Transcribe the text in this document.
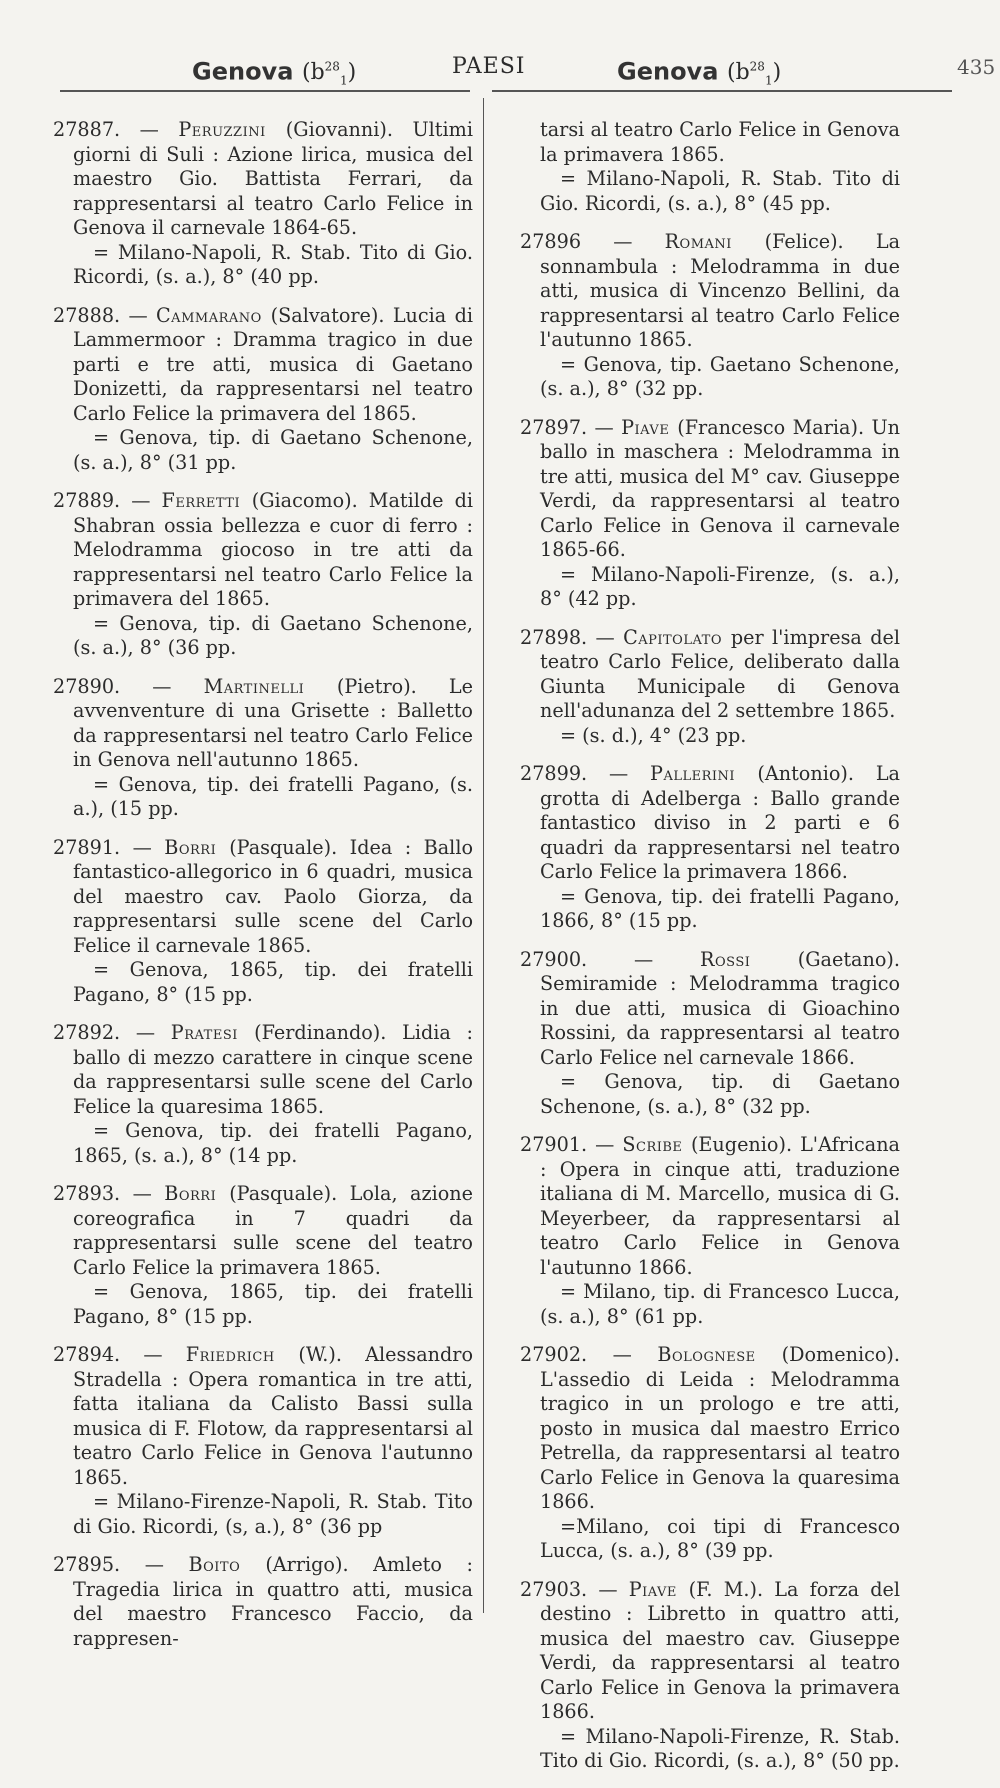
Genova $(b^{28}_1)$	PAESI	Genova $(b^{28}_1)$	435

27887. — Peruzzini (Giovanni). Ultimi giorni di Suli : Azione lirica, musica del maestro Gio. Battista Ferrari, da rappresentarsi al teatro Carlo Felice in Genova il carnevale 1864-65.

= Milano-Napoli, R. Stab. Tito di Gio. Ricordi, (s. a.), 8° (40 pp.

27888. — Cammarano (Salvatore). Lucia di Lammermoor : Dramma tragico in due parti e tre atti, musica di Gaetano Donizetti, da rappresentarsi nel teatro Carlo Felice la primavera del 1865.

= Genova, tip. di Gaetano Schenone, (s. a.), 8° (31 pp.

27889. — Ferretti (Giacomo). Matilde di Shabran ossia bellezza e cuor di ferro : Melodramma giocoso in tre atti da rappresentarsi nel teatro Carlo Felice la primavera del 1865.

= Genova, tip. di Gaetano Schenone, (s. a.), 8° (36 pp.

27890. — Martinelli (Pietro). Le avvenventure di una Grisette : Balletto da rappresentarsi nel teatro Carlo Felice in Genova nell'autunno 1865.

= Genova, tip. dei fratelli Pagano, (s. a.), (15 pp.

27891. — Borri (Pasquale). Idea : Ballo fantastico-allegorico in 6 quadri, musica del maestro cav. Paolo Giorza, da rappresentarsi sulle scene del Carlo Felice il carnevale 1865.

= Genova, 1865, tip. dei fratelli Pagano, 8° (15 pp.

27892. — Pratesi (Ferdinando). Lidia : ballo di mezzo carattere in cinque scene da rappresentarsi sulle scene del Carlo Felice la quaresima 1865.

= Genova, tip. dei fratelli Pagano, 1865, (s. a.), 8° (14 pp.

27893. — Borri (Pasquale). Lola, azione coreografica in 7 quadri da rappresentarsi sulle scene del teatro Carlo Felice la primavera 1865.

= Genova, 1865, tip. dei fratelli Pagano, 8° (15 pp.

27894. — Friedrich (W.). Alessandro Stradella : Opera romantica in tre atti, fatta italiana da Calisto Bassi sulla musica di F. Flotow, da rappresentarsi al teatro Carlo Felice in Genova l'autunno 1865.

= Milano-Firenze-Napoli, R. Stab. Tito di Gio. Ricordi, (s, a.), 8° (36 pp

27895. — Boito (Arrigo). Amleto : Tragedia lirica in quattro atti, musica del maestro Francesco Faccio, da rappresen-

tarsi al teatro Carlo Felice in Genova la primavera 1865.

= Milano-Napoli, R. Stab. Tito di Gio. Ricordi, (s. a.), 8° (45 pp.

27896 — Romani (Felice). La sonnambula : Melodramma in due atti, musica di Vincenzo Bellini, da rappresentarsi al teatro Carlo Felice l'autunno 1865.

= Genova, tip. Gaetano Schenone, (s. a.), 8° (32 pp.

27897. — Piave (Francesco Maria). Un ballo in maschera : Melodramma in tre atti, musica del M° cav. Giuseppe Verdi, da rappresentarsi al teatro Carlo Felice in Genova il carnevale 1865-66.

= Milano-Napoli-Firenze, (s. a.), 8° (42 pp.

27898. — Capitolato per l'impresa del teatro Carlo Felice, deliberato dalla Giunta Municipale di Genova nell'adunanza del 2 settembre 1865.

= (s. d.), 4° (23 pp.

27899. — Pallerini (Antonio). La grotta di Adelberga : Ballo grande fantastico diviso in 2 parti e 6 quadri da rappresentarsi nel teatro Carlo Felice la primavera 1866.

= Genova, tip. dei fratelli Pagano, 1866, 8° (15 pp.

27900. — Rossi (Gaetano). Semiramide : Melodramma tragico in due atti, musica di Gioachino Rossini, da rappresentarsi al teatro Carlo Felice nel carnevale 1866.

= Genova, tip. di Gaetano Schenone, (s. a.), 8° (32 pp.

27901. — Scribe (Eugenio). L'Africana : Opera in cinque atti, traduzione italiana di M. Marcello, musica di G. Meyerbeer, da rappresentarsi al teatro Carlo Felice in Genova l'autunno 1866.

= Milano, tip. di Francesco Lucca, (s. a.), 8° (61 pp.

27902. — Bolognese (Domenico). L'assedio di Leida : Melodramma tragico in un prologo e tre atti, posto in musica dal maestro Errico Petrella, da rappresentarsi al teatro Carlo Felice in Genova la quaresima 1866.

=Milano, coi tipi di Francesco Lucca, (s. a.), 8° (39 pp.

27903. — Piave (F. M.). La forza del destino : Libretto in quattro atti, musica del maestro cav. Giuseppe Verdi, da rappresentarsi al teatro Carlo Felice in Genova la primavera 1866.

= Milano-Napoli-Firenze, R. Stab. Tito di Gio. Ricordi, (s. a.), 8° (50 pp.
